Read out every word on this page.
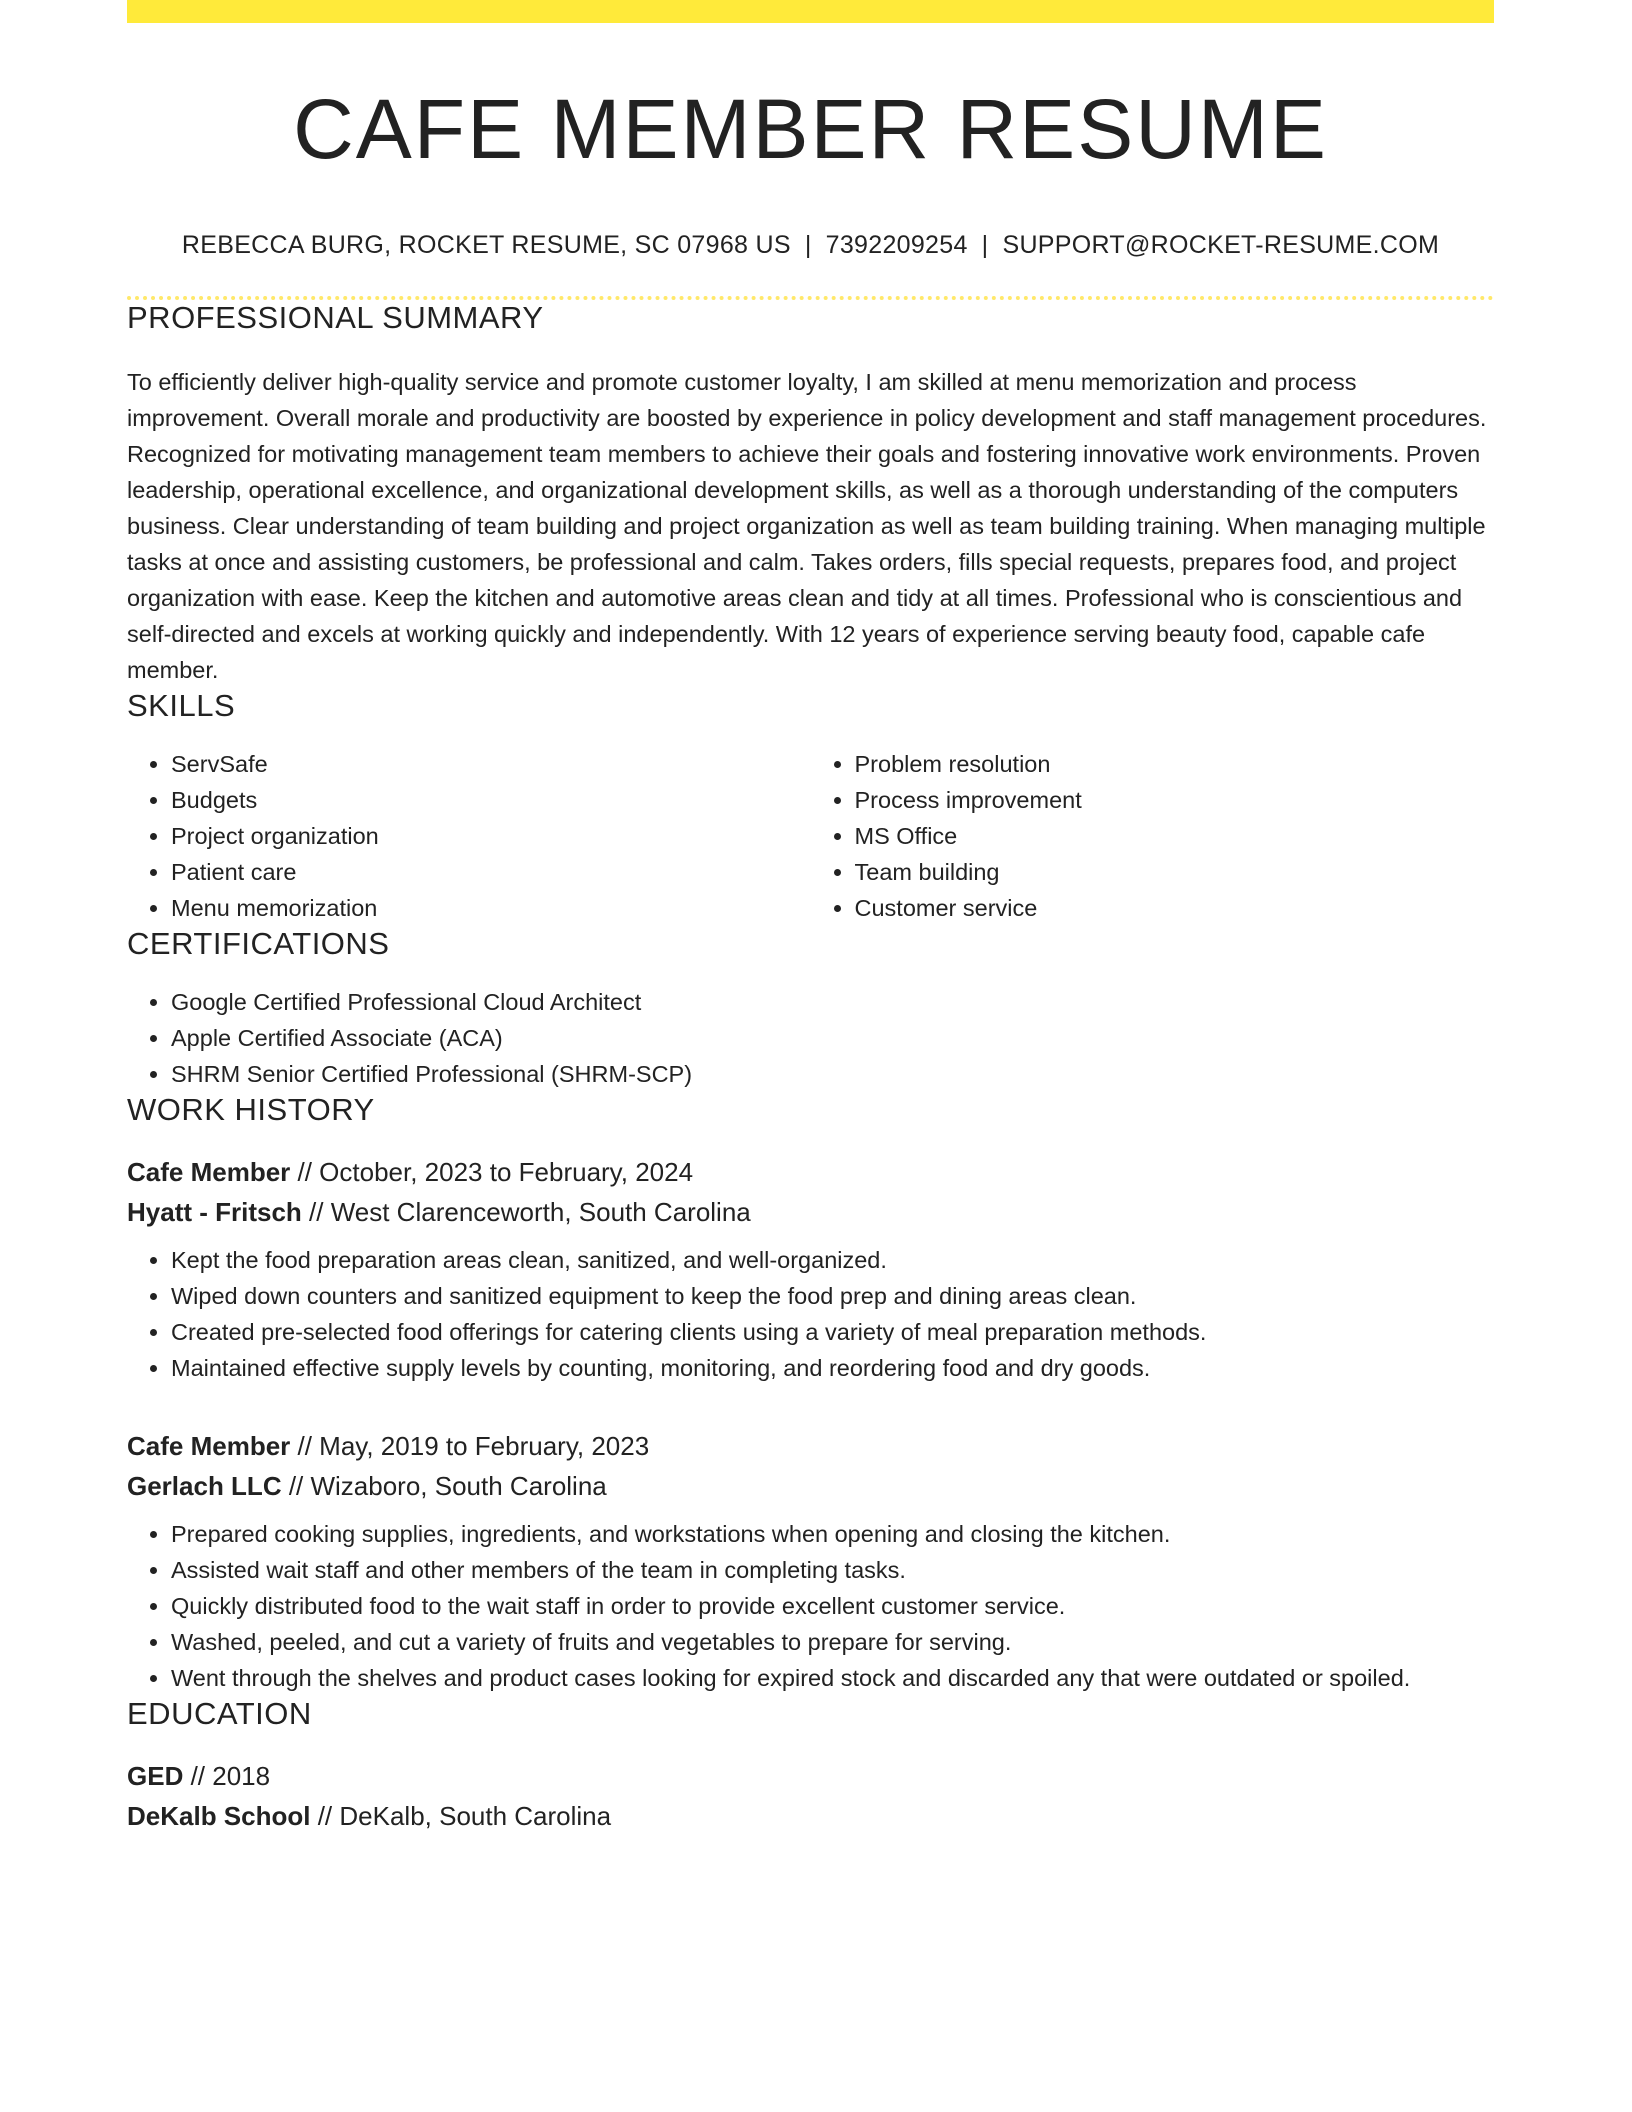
CAFE MEMBER RESUME
REBECCA BURG, ROCKET RESUME, SC 07968 US | 7392209254 | SUPPORT@ROCKET-RESUME.COM
PROFESSIONAL SUMMARY

To efficiently deliver high-quality service and promote customer loyalty, I am skilled at menu memorization and process improvement. Overall morale and productivity are boosted by experience in policy development and staff management procedures. Recognized for motivating management team members to achieve their goals and fostering innovative work environments. Proven leadership, operational excellence, and organizational development skills, as well as a thorough understanding of the computers business. Clear understanding of team building and project organization as well as team building training. When managing multiple tasks at once and assisting customers, be professional and calm. Takes orders, fills special requests, prepares food, and project organization with ease. Keep the kitchen and automotive areas clean and tidy at all times. Professional who is conscientious and self-directed and excels at working quickly and independently. With 12 years of experience serving beauty food, capable cafe member.

SKILLS
• ServSafe
• Budgets
• Project organization
• Patient care
• Menu memorization
• Problem resolution
• Process improvement
• MS Office
• Team building
• Customer service
CERTIFICATIONS
• Google Certified Professional Cloud Architect
• Apple Certified Associate (ACA)
• SHRM Senior Certified Professional (SHRM-SCP)
WORK HISTORY
Cafe Member // October, 2023 to February, 2024
Hyatt - Fritsch // West Clarenceworth, South Carolina
• Kept the food preparation areas clean, sanitized, and well-organized.
• Wiped down counters and sanitized equipment to keep the food prep and dining areas clean.
• Created pre-selected food offerings for catering clients using a variety of meal preparation methods.
• Maintained effective supply levels by counting, monitoring, and reordering food and dry goods.
Cafe Member // May, 2019 to February, 2023
Gerlach LLC // Wizaboro, South Carolina
• Prepared cooking supplies, ingredients, and workstations when opening and closing the kitchen.
• Assisted wait staff and other members of the team in completing tasks.
• Quickly distributed food to the wait staff in order to provide excellent customer service.
• Washed, peeled, and cut a variety of fruits and vegetables to prepare for serving.
• Went through the shelves and product cases looking for expired stock and discarded any that were outdated or spoiled.
EDUCATION
GED // 2018
DeKalb School // DeKalb, South Carolina
